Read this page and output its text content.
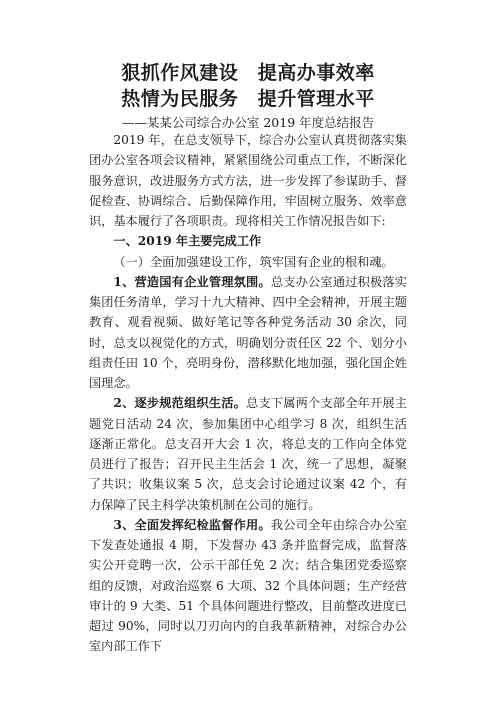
狠抓作风建设　提高办事效率
热情为民服务　提升管理水平

——某某公司综合办公室 2019 年度总结报告

2019 年，在总支领导下，综合办公室认真贯彻落实集团办公室各项会议精神，紧紧围绕公司重点工作，不断深化服务意识，改进服务方式方法，进一步发挥了参谋助手、督促检查、协调综合、后勤保障作用，牢固树立服务、效率意识，基本履行了各项职责。现将相关工作情况报告如下:

一、2019 年主要完成工作

（一）全面加强建设工作，筑牢国有企业的根和魂。

1、营造国有企业管理氛围。总支办公室通过积极落实集团任务清单，学习十九大精神、四中全会精神，开展主题教育、观看视频、做好笔记等各种党务活动 30 余次，同时，总支以视觉化的方式，明确划分责任区 22 个、划分小组责任田 10 个，亮明身份，潜移默化地加强，强化国企姓国理念。

2、逐步规范组织生活。总支下属两个支部全年开展主题党日活动 24 次，参加集团中心组学习 8 次，组织生活逐渐正常化。总支召开大会 1 次，将总支的工作向全体党员进行了报告；召开民主生活会 1 次，统一了思想，凝聚了共识；收集议案 5 次，总支会讨论通过议案 42 个，有力保障了民主科学决策机制在公司的施行。

3、全面发挥纪检监督作用。我公司全年由综合办公室下发查处通报 4 期，下发督办 43 条并监督完成，监督落实公开竞聘一次，公示干部任免 2 次；结合集团党委巡察组的反馈，对政治巡察 6 大项、32 个具体问题；生产经营审计的 9 大类、51 个具体问题进行整改，目前整改进度已超过 90%，同时以刀刃向内的自我革新精神，对综合办公室内部工作下
